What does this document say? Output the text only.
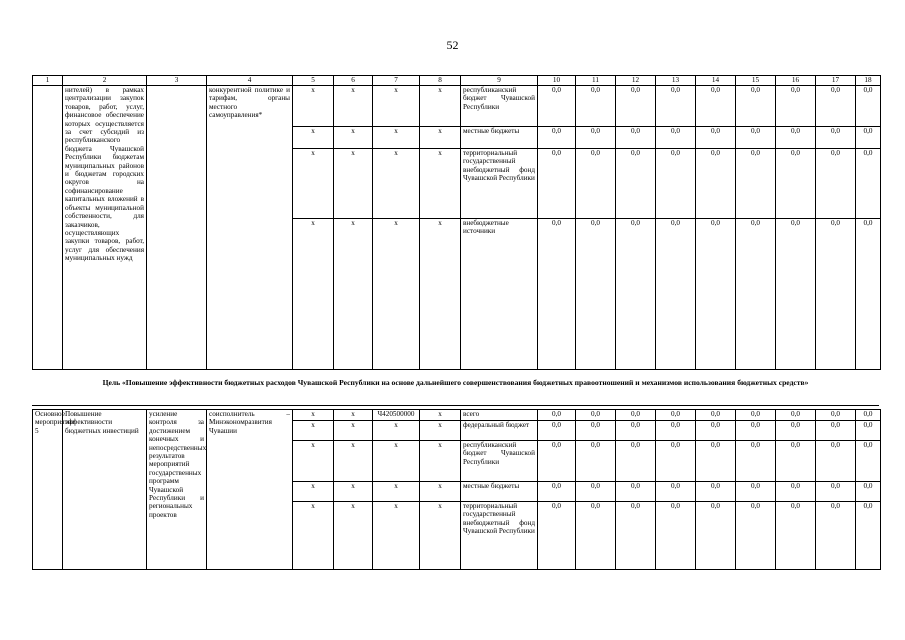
52
1	2	3	4	5	6	7	8	9	10	11	12	13	14	15	16	17	18
	нителей) в рамках централизации закупок товаров, работ, услуг, финансовое обеспечение которых осуществляется за счет субсидий из республиканского бюджета Чувашской Республики бюджетам муниципальных районов и бюджетам городских округов на софинансирование капитальных вложений в объекты муниципальной собственности, для заказчиков, осуществляющих закупки товаров, работ, услуг для обеспечения муниципальных нужд		конкурентной политике и тарифам, органы местного самоуправления*	х	х	х	х	республиканский бюджет Чувашской Республики	0,0	0,0	0,0	0,0	0,0	0,0	0,0	0,0	0,0
				х	х	х	х	местные бюджеты	0,0	0,0	0,0	0,0	0,0	0,0	0,0	0,0	0,0
				х	х	х	х	территориальный государственный внебюджетный фонд Чувашской Республики	0,0	0,0	0,0	0,0	0,0	0,0	0,0	0,0	0,0
				х	х	х	х	внебюджетные источники	0,0	0,0	0,0	0,0	0,0	0,0	0,0	0,0	0,0
Цель «Повышение эффективности бюджетных расходов Чувашской Республики на основе дальнейшего совершенствования бюджетных правоотношений и механизмов использования бюджетных средств»
Основное мероприятие 5	Повышение эффективности бюджетных инвестиций	усиление контроля за достижением конечных и непосредственных результатов мероприятий государственных программ Чувашской Республики и региональных проектов	соисполнитель – Минэкономразвития Чувашии	х	х	Ч420500000	х	всего	0,0	0,0	0,0	0,0	0,0	0,0	0,0	0,0	0,0
				х	х	х	х	федеральный бюджет	0,0	0,0	0,0	0,0	0,0	0,0	0,0	0,0	0,0
				х	х	х	х	республиканский бюджет Чувашской Республики	0,0	0,0	0,0	0,0	0,0	0,0	0,0	0,0	0,0
				х	х	х	х	местные бюджеты	0,0	0,0	0,0	0,0	0,0	0,0	0,0	0,0	0,0
				х	х	х	х	территориальный государственный внебюджетный фонд Чувашской Республики	0,0	0,0	0,0	0,0	0,0	0,0	0,0	0,0	0,0
